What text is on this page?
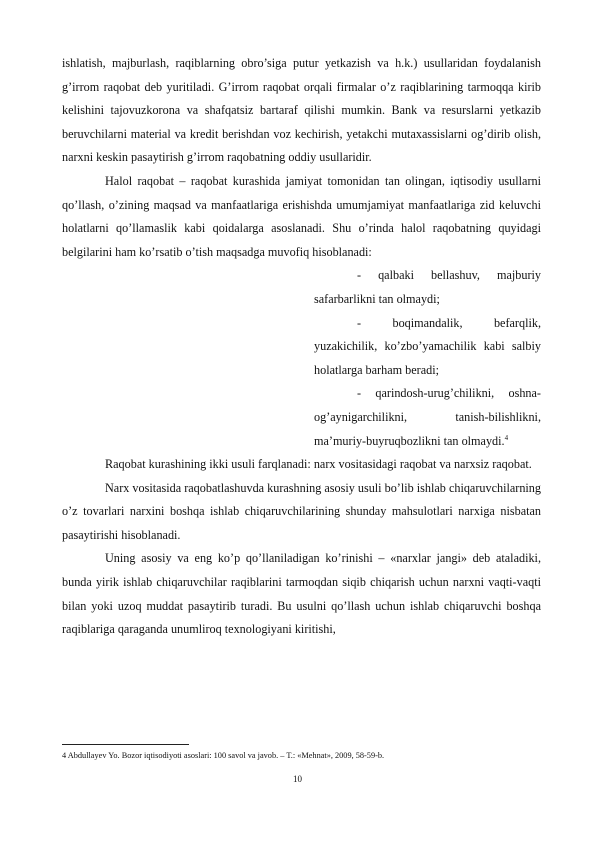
ishlatish, majburlash, raqiblarning obro’siga putur yetkazish va h.k.) usullaridan foydalanish g’irrom raqobat deb yuritiladi. G’irrom raqobat orqali firmalar o’z raqiblarining tarmoqqa kirib kelishini tajovuzkorona va shafqatsiz bartaraf qilishi mumkin. Bank va resurslarni yetkazib beruvchilarni material va kredit berishdan voz kechirish, yetakchi mutaxassislarni og’dirib olish, narxni keskin pasaytirish g’irrom raqobatning oddiy usullaridir.

Halol raqobat – raqobat kurashida jamiyat tomonidan tan olingan, iqtisodiy usullarni qo’llash, o’zining maqsad va manfaatlariga erishishda umumjamiyat manfaatlariga zid keluvchi holatlarni qo’llamaslik kabi qoidalarga asoslanadi. Shu o’rinda halol raqobatning quyidagi belgilarini ham ko’rsatib o’tish maqsadga muvofiq hisoblanadi:

- qalbaki bellashuv, majburiy safarbarlikni tan olmaydi;

- boqimandalik, befarqlik, yuzakichilik, ko’zbo’yamachilik kabi salbiy holatlarga barham beradi;

- qarindosh-urug’chilikni, oshna-og’aynigarchilikni, tanish-bilishlikni, ma’muriy-buyruqbozlikni tan olmaydi.$^4$

Raqobat kurashining ikki usuli farqlanadi: narx vositasidagi raqobat va narxsiz raqobat.

Narx vositasida raqobatlashuvda kurashning asosiy usuli bo’lib ishlab chiqaruvchilarning o’z tovarlari narxini boshqa ishlab chiqaruvchilarining shunday mahsulotlari narxiga nisbatan pasaytirishi hisoblanadi.

Uning asosiy va eng ko’p qo’llaniladigan ko’rinishi – «narxlar jangi» deb ataladiki, bunda yirik ishlab chiqaruvchilar raqiblarini tarmoqdan siqib chiqarish uchun narxni vaqti-vaqti bilan yoki uzoq muddat pasaytirib turadi. Bu usulni qo’llash uchun ishlab chiqaruvchi boshqa raqiblariga qaraganda unumliroq texnologiyani kiritishi,

4 Abdullayev Yo. Bozor iqtisodiyoti asoslari: 100 savol va javob. – T.: «Mehnat», 2009, 58-59-b.
10
